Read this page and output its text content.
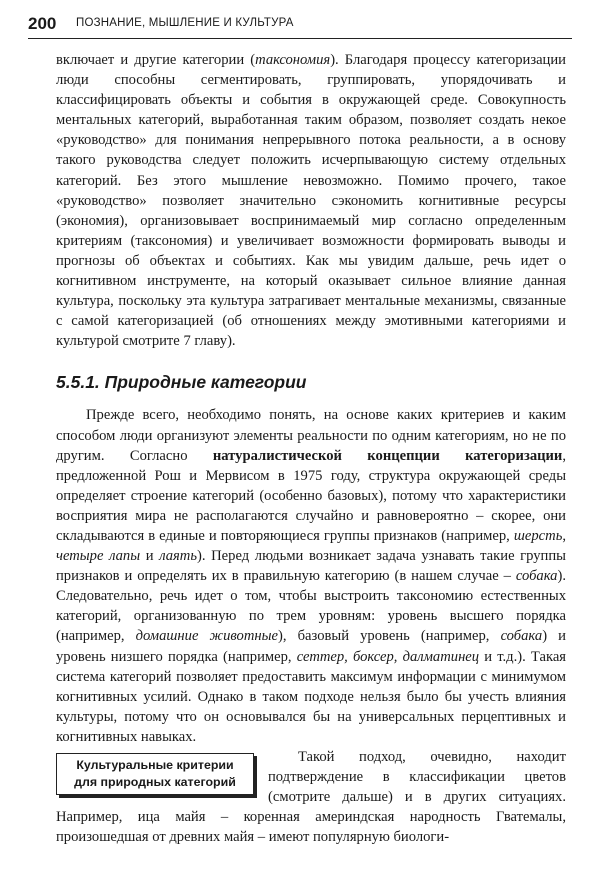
200 ПОЗНАНИЕ, МЫШЛЕНИЕ И КУЛЬТУРА

включает и другие категории (таксономия). Благодаря процессу категоризации люди способны сегментировать, группировать, упорядочивать и классифицировать объекты и события в окружающей среде. Совокупность ментальных категорий, выработанная таким образом, позволяет создать некое «руководство» для понимания непрерывного потока реальности, а в основу такого руководства следует положить исчерпывающую систему отдельных категорий. Без этого мышление невозможно. Помимо прочего, такое «руководство» позволяет значительно сэкономить когнитивные ресурсы (экономия), организовывает воспринимаемый мир согласно определенным критериям (таксономия) и увеличивает возможности формировать выводы и прогнозы об объектах и событиях. Как мы увидим дальше, речь идет о когнитивном инструменте, на который оказывает сильное влияние данная культура, поскольку эта культура затрагивает ментальные механизмы, связанные с самой категоризацией (об отношениях между эмотивными категориями и культурой смотрите 7 главу).

5.5.1. Природные категории

Прежде всего, необходимо понять, на основе каких критериев и каким способом люди организуют элементы реальности по одним категориям, но не по другим. Согласно натуралистической концепции категоризации, предложенной Рош и Мервисом в 1975 году, структура окружающей среды определяет строение категорий (особенно базовых), потому что характеристики восприятия мира не располагаются случайно и равновероятно – скорее, они складываются в единые и повторяющиеся группы признаков (например, шерсть, четыре лапы и лаять). Перед людьми возникает задача узнавать такие группы признаков и определять их в правильную категорию (в нашем случае – собака). Следовательно, речь идет о том, чтобы выстроить таксономию естественных категорий, организованную по трем уровням: уровень высшего порядка (например, домашние животные), базовый уровень (например, собака) и уровень низшего порядка (например, сеттер, боксер, далматинец и т.д.). Такая система категорий позволяет предоставить максимум информации с минимумом когнитивных усилий. Однако в таком подходе нельзя было бы учесть влияния культуры, потому что он основывался бы на универсальных перцептивных и когнитивных навыках.

Культуральные критерии
для природных категорий

Такой подход, очевидно, находит подтверждение в классификации цветов (смотрите дальше) и в других ситуациях. Например, ица майя – коренная америндская народность Гватемалы, произошедшая от древних майя – имеют популярную биологи-
